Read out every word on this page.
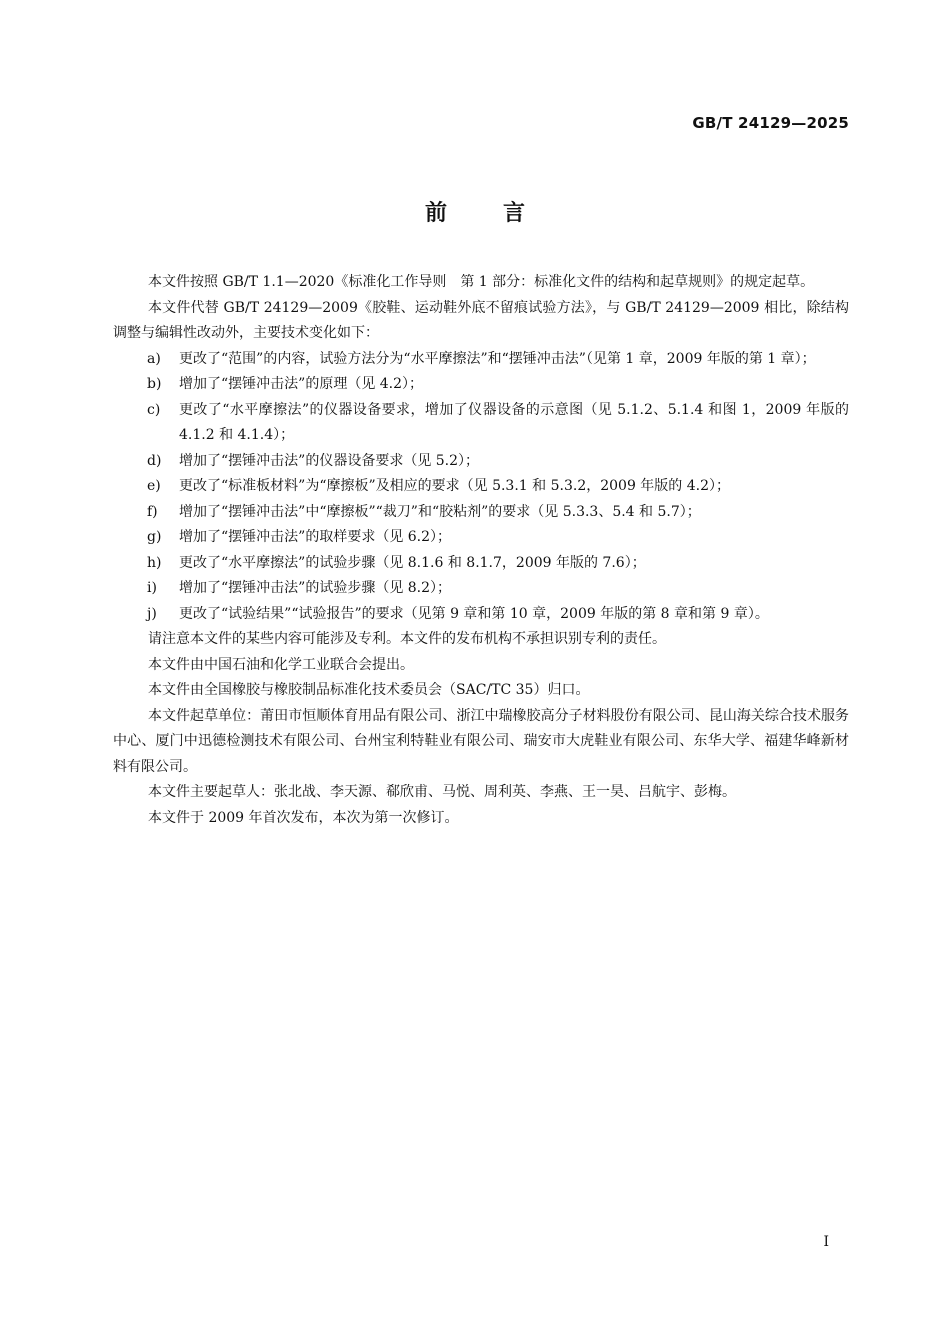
GB/T 24129—2025
前言

本文件按照 GB/T 1.1—2020《标准化工作导则　第 1 部分：标准化文件的结构和起草规则》的规定起草。

本文件代替 GB/T 24129—2009《胶鞋、运动鞋外底不留痕试验方法》，与 GB/T 24129—2009 相比，除结构调整与编辑性改动外，主要技术变化如下：

a) 更改了“范围”的内容，试验方法分为“水平摩擦法”和“摆锤冲击法”（见第 1 章，2009 年版的第 1 章）；

b) 增加了“摆锤冲击法”的原理（见 4.2）；

c) 更改了“水平摩擦法”的仪器设备要求，增加了仪器设备的示意图（见 5.1.2、5.1.4 和图 1，2009 年版的 4.1.2 和 4.1.4）；

d) 增加了“摆锤冲击法”的仪器设备要求（见 5.2）；

e) 更改了“标准板材料”为“摩擦板”及相应的要求（见 5.3.1 和 5.3.2，2009 年版的 4.2）；

f) 增加了“摆锤冲击法”中“摩擦板”“裁刀”和“胶粘剂”的要求（见 5.3.3、5.4 和 5.7）；

g) 增加了“摆锤冲击法”的取样要求（见 6.2）；

h) 更改了“水平摩擦法”的试验步骤（见 8.1.6 和 8.1.7，2009 年版的 7.6）；

i) 增加了“摆锤冲击法”的试验步骤（见 8.2）；

j) 更改了“试验结果”“试验报告”的要求（见第 9 章和第 10 章，2009 年版的第 8 章和第 9 章）。

请注意本文件的某些内容可能涉及专利。本文件的发布机构不承担识别专利的责任。

本文件由中国石油和化学工业联合会提出。

本文件由全国橡胶与橡胶制品标准化技术委员会（SAC/TC 35）归口。

本文件起草单位：莆田市恒顺体育用品有限公司、浙江中瑞橡胶高分子材料股份有限公司、昆山海关综合技术服务中心、厦门中迅德检测技术有限公司、台州宝利特鞋业有限公司、瑞安市大虎鞋业有限公司、东华大学、福建华峰新材料有限公司。

本文件主要起草人：张北战、李天源、郗欣甫、马悦、周利英、李燕、王一昊、吕航宇、彭梅。

本文件于 2009 年首次发布，本次为第一次修订。

I
